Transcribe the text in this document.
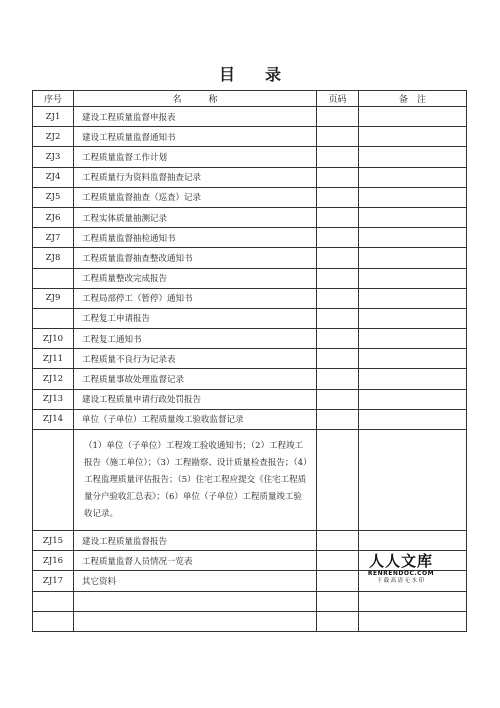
目 录
序号	名　　　称	页码	备　注
ZJ1	建设工程质量监督申报表		
ZJ2	建设工程质量监督通知书		
ZJ3	工程质量监督工作计划		
ZJ4	工程质量行为资料监督抽查记录		
ZJ5	工程质量监督抽查（巡查）记录		
ZJ6	工程实体质量抽测记录		
ZJ7	工程质量监督抽检通知书		
ZJ8	工程质量监督抽查整改通知书		
	工程质量整改完成报告		
ZJ9	工程局部停工（暂停）通知书		
	工程复工申请报告		
ZJ10	工程复工通知书		
ZJ11	工程质量不良行为记录表		
ZJ12	工程质量事故处理监督记录		
ZJ13	建设工程质量申请行政处罚报告		
ZJ14	单位（子单位）工程质量竣工验收监督记录		
	（1）单位（子单位）工程竣工验收通知书；（2）工程竣工报告（施工单位）；（3）工程勘察、设计质量检查报告；（4）工程监理质量评估报告；（5）住宅工程应提交《住宅工程质量分户验收汇总表》；（6）单位（子单位）工程质量竣工验收记录。		
ZJ15	建设工程质量监督报告		
ZJ16	工程质量监督人员情况一览表		
ZJ17	其它资料		

人人文库
RENRENDOC.COM
下载高清无水印
